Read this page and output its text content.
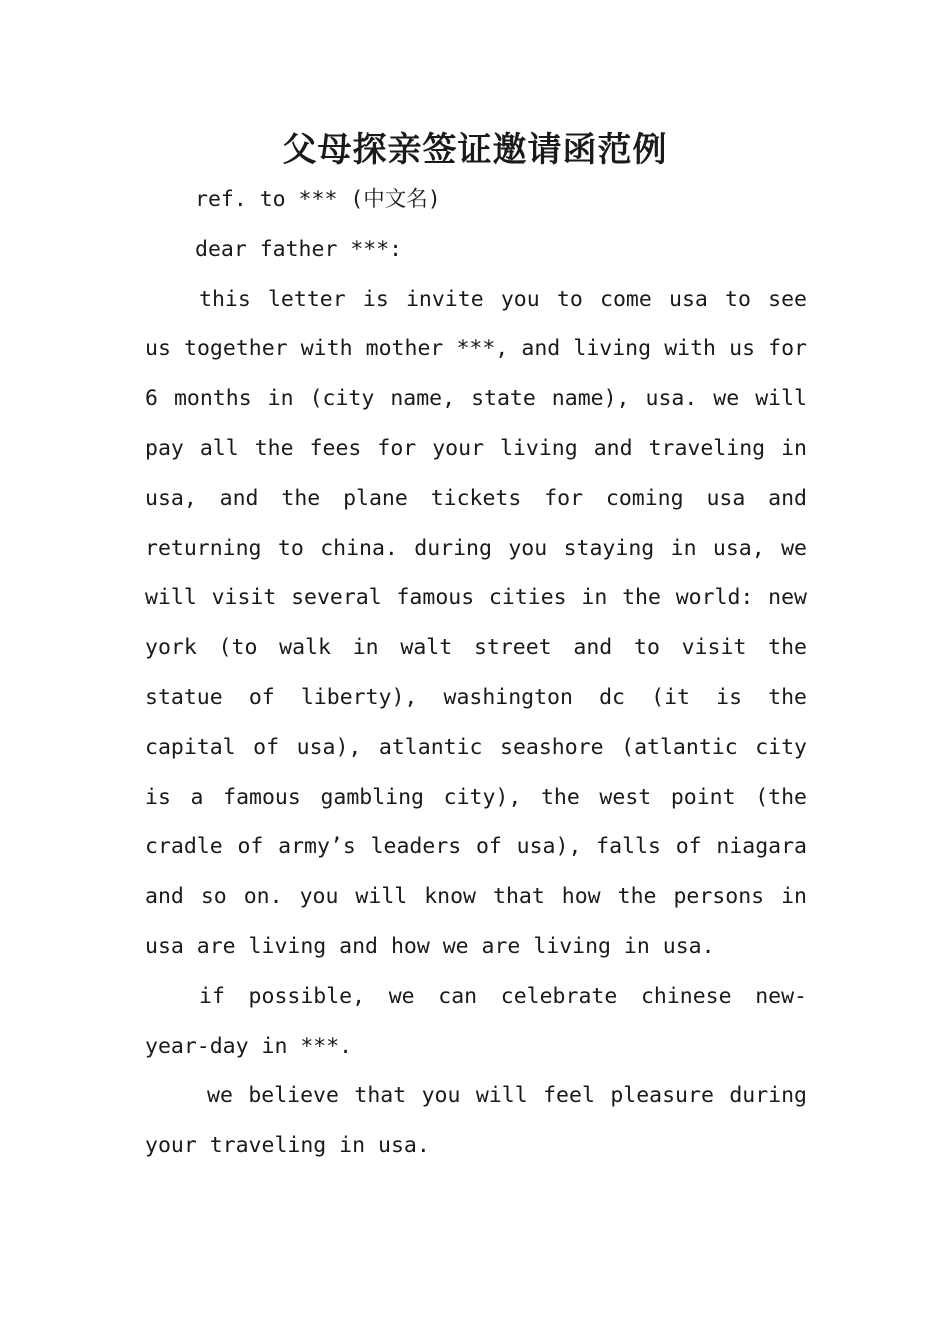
父母探亲签证邀请函范例

ref. to *** (中文名)

dear father ***:

this letter is invite you to come usa to see us together with mother ***, and living with us for 6 months in (city name, state name), usa. we will pay all the fees for your living and traveling in usa, and the plane tickets for coming usa and returning to china. during you staying in usa, we will visit several famous cities in the world: new york (to walk in walt street and to visit the statue of liberty), washington dc (it is the capital of usa), atlantic seashore (atlantic city is a famous gambling city), the west point (the cradle of army’s leaders of usa), falls of niagara and so on. you will know that how the persons in usa are living and how we are living in usa.

if possible, we can celebrate chinese new-year-day in ***.

we believe that you will feel pleasure during your traveling in usa.
